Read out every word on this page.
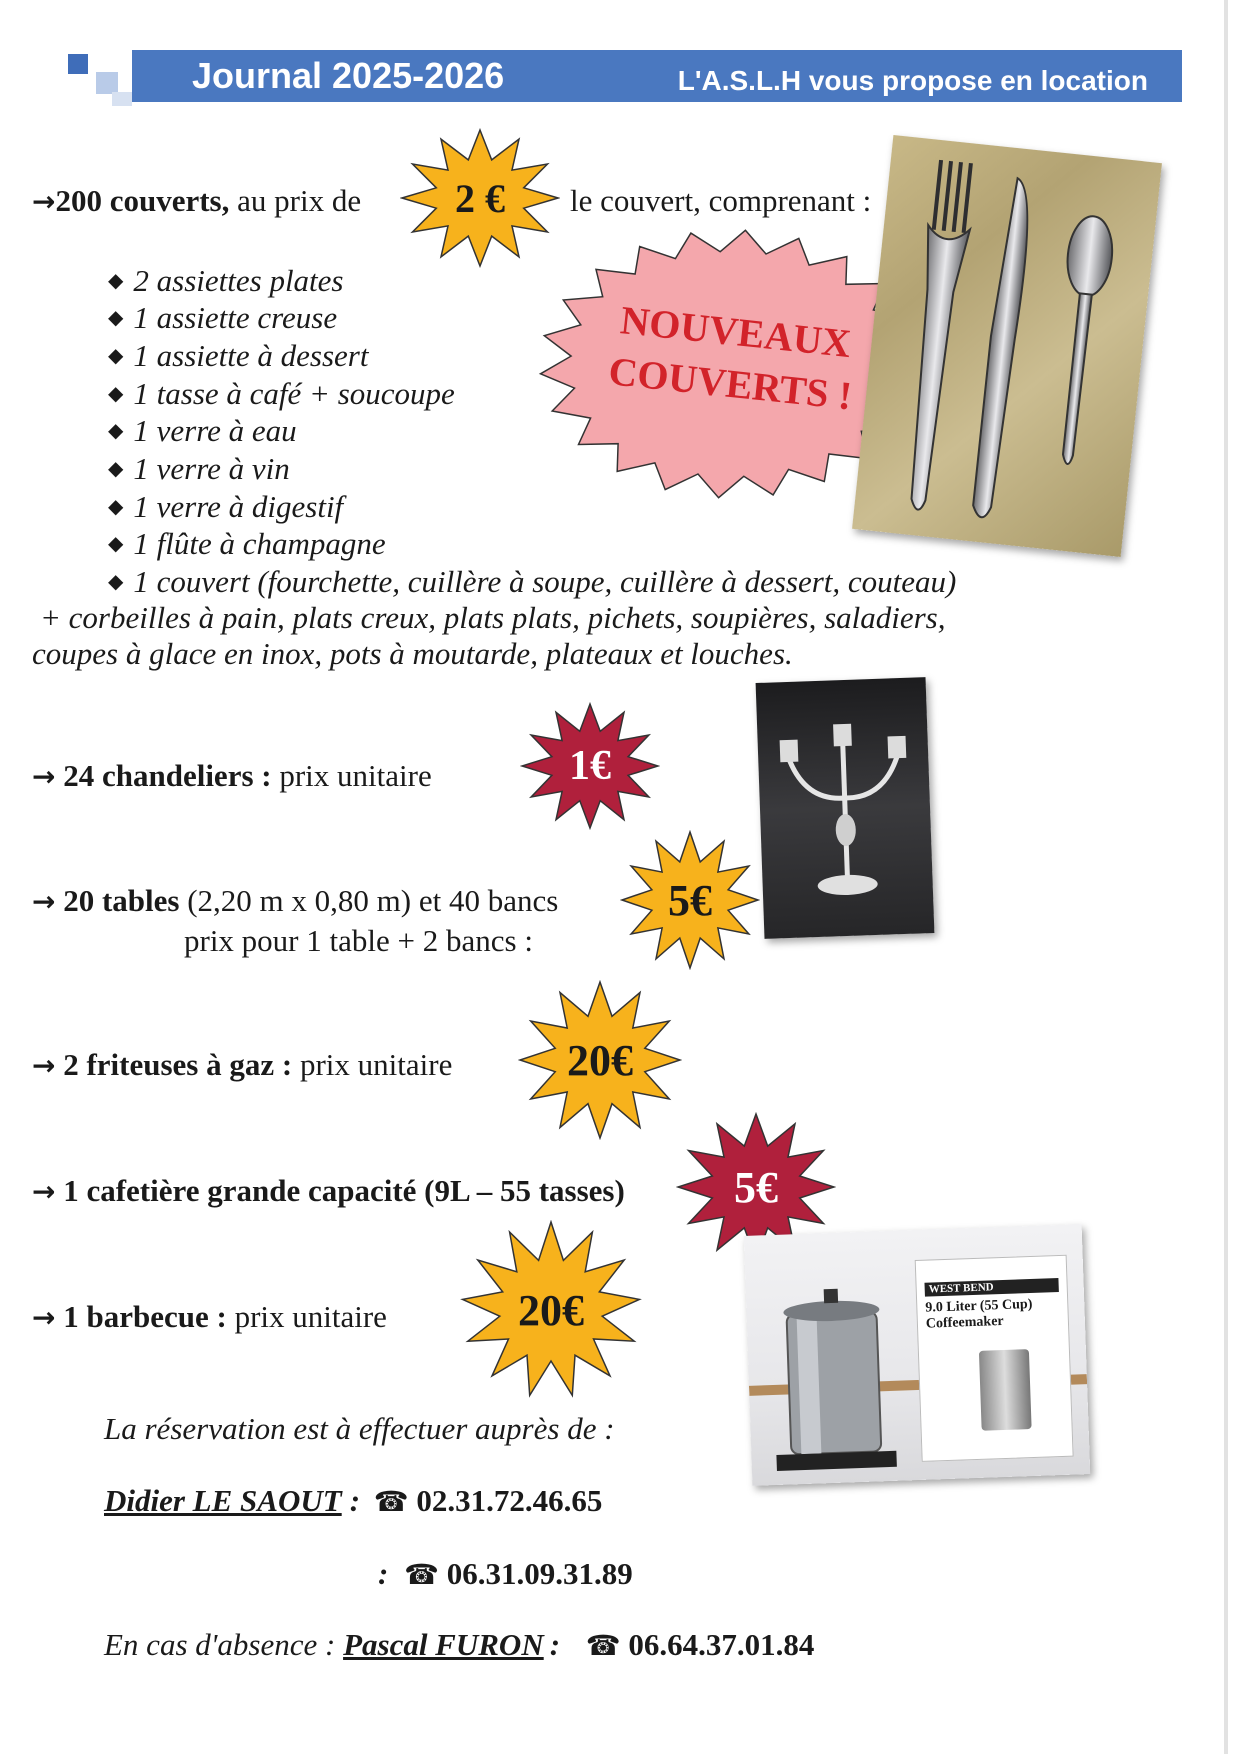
Journal 2025-2026	L'A.S.L.H vous propose en location
→200 couverts, au prix de	2 €	le couvert, comprenant :
◆ 2 assiettes plates
◆ 1 assiette creuse
◆ 1 assiette à dessert
◆ 1 tasse à café + soucoupe
◆ 1 verre à eau
◆ 1 verre à vin
◆ 1 verre à digestif
◆ 1 flûte à champagne
◆ 1 couvert (fourchette, cuillère à soupe, cuillère à dessert, couteau)
+ corbeilles à pain, plats creux, plats plats, pichets, soupières, saladiers,
coupes à glace en inox, pots à moutarde, plateaux et louches.
NOUVEAUX
COUVERTS !
→ 24 chandeliers : prix unitaire	1€
→ 20 tables (2,20 m x 0,80 m) et 40 bancs
prix pour 1 table + 2 bancs :
5€
→ 2 friteuses à gaz : prix unitaire	20€
→ 1 cafetière grande capacité (9L – 55 tasses)	5€
→ 1 barbecue : prix unitaire	20€	WEST BEND
9.0 Liter (55 Cup)
Coffeemaker
La réservation est à effectuer auprès de :
Didier LE SAOUT : ☎ 02.31.72.46.65
: ☎ 06.31.09.31.89
En cas d'absence : Pascal FURON : ☎ 06.64.37.01.84
